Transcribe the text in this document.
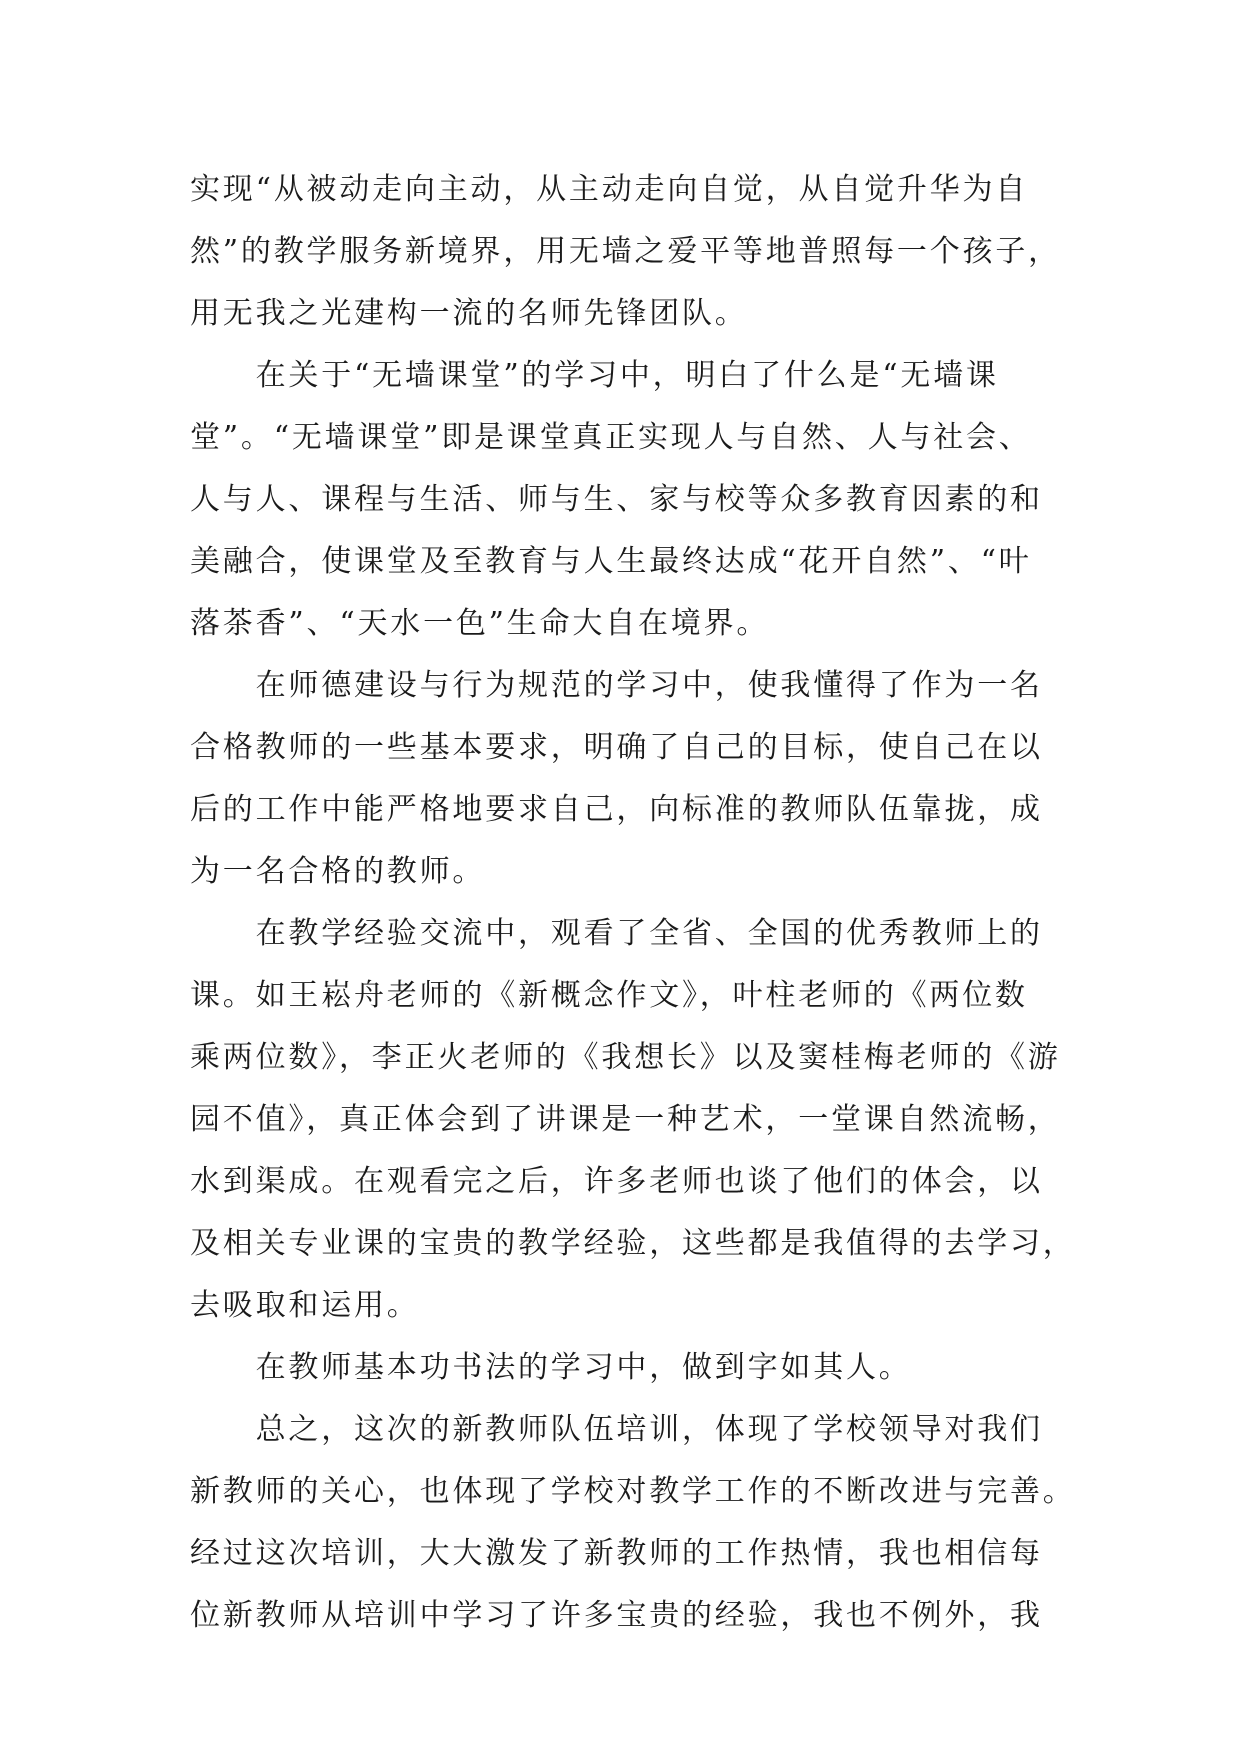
实现“从被动走向主动，从主动走向自觉，从自觉升华为自
然”的教学服务新境界，用无墙之爱平等地普照每一个孩子，
用无我之光建构一流的名师先锋团队。

　　在关于“无墙课堂”的学习中，明白了什么是“无墙课
堂”。“无墙课堂”即是课堂真正实现人与自然、人与社会、
人与人、课程与生活、师与生、家与校等众多教育因素的和
美融合，使课堂及至教育与人生最终达成“花开自然”、“叶
落茶香”、“天水一色”生命大自在境界。

　　在师德建设与行为规范的学习中，使我懂得了作为一名
合格教师的一些基本要求，明确了自己的目标，使自己在以
后的工作中能严格地要求自己，向标准的教师队伍靠拢，成
为一名合格的教师。

　　在教学经验交流中，观看了全省、全国的优秀教师上的
课。如王崧舟老师的《新概念作文》，叶柱老师的《两位数
乘两位数》，李正火老师的《我想长》以及窦桂梅老师的《游
园不值》，真正体会到了讲课是一种艺术，一堂课自然流畅，
水到渠成。在观看完之后，许多老师也谈了他们的体会，以
及相关专业课的宝贵的教学经验，这些都是我值得的去学习，
去吸取和运用。

　　在教师基本功书法的学习中，做到字如其人。

　　总之，这次的新教师队伍培训，体现了学校领导对我们
新教师的关心，也体现了学校对教学工作的不断改进与完善。
经过这次培训，大大激发了新教师的工作热情，我也相信每
位新教师从培训中学习了许多宝贵的经验，我也不例外，我
